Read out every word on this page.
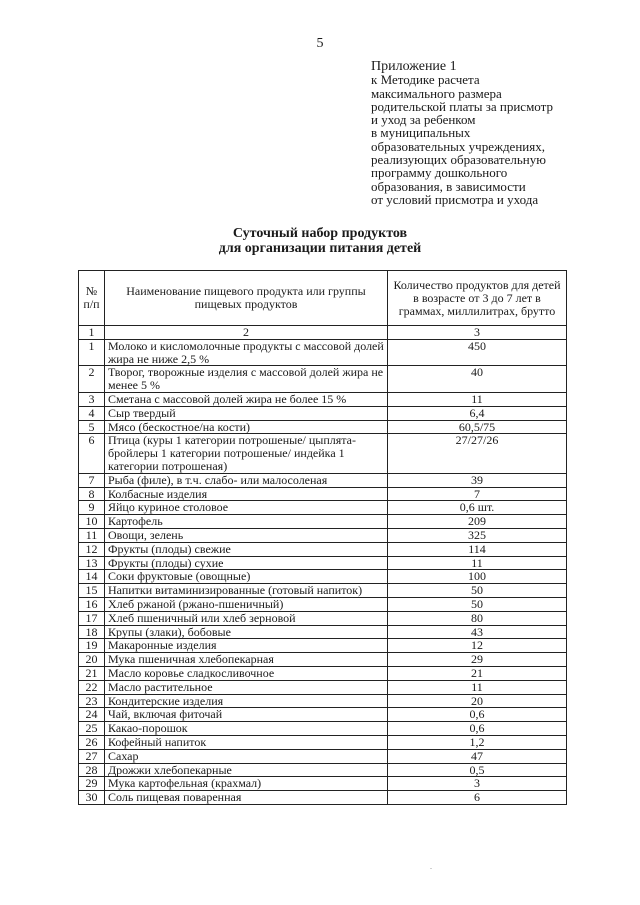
5
Приложение 1
к Методике расчета
максимального размера
родительской платы за присмотр
и уход за ребенком
в муниципальных
образовательных учреждениях,
реализующих образовательную
программу дошкольного
образования, в зависимости
от условий присмотра и ухода
Суточный набор продуктов
для организации питания детей
№ п/п	Наименование пищевого продукта или группы пищевых продуктов	Количество продуктов для детей в возрасте от 3 до 7 лет в граммах, миллилитрах, брутто
1	2	3
1	Молоко и кисломолочные продукты с массовой долей жира не ниже 2,5 %	450
2	Творог, творожные изделия с массовой долей жира не менее 5 %	40
3	Сметана с массовой долей жира не более 15 %	11
4	Сыр твердый	6,4
5	Мясо (бескостное/на кости)	60,5/75
6	Птица (куры 1 категории потрошеные/ цыплята-бройлеры 1 категории потрошеные/ индейка 1 категории потрошеная)	27/27/26
7	Рыба (филе), в т.ч. слабо- или малосоленая	39
8	Колбасные изделия	7
9	Яйцо куриное столовое	0,6 шт.
10	Картофель	209
11	Овощи, зелень	325
12	Фрукты (плоды) свежие	114
13	Фрукты (плоды) сухие	11
14	Соки фруктовые (овощные)	100
15	Напитки витаминизированные (готовый напиток)	50
16	Хлеб ржаной (ржано-пшеничный)	50
17	Хлеб пшеничный или хлеб зерновой	80
18	Крупы (злаки), бобовые	43
19	Макаронные изделия	12
20	Мука пшеничная хлебопекарная	29
21	Масло коровье сладкосливочное	21
22	Масло растительное	11
23	Кондитерские изделия	20
24	Чай, включая фиточай	0,6
25	Какао-порошок	0,6
26	Кофейный напиток	1,2
27	Сахар	47
28	Дрожжи хлебопекарные	0,5
29	Мука картофельная (крахмал)	3
30	Соль пищевая поваренная	6
.
